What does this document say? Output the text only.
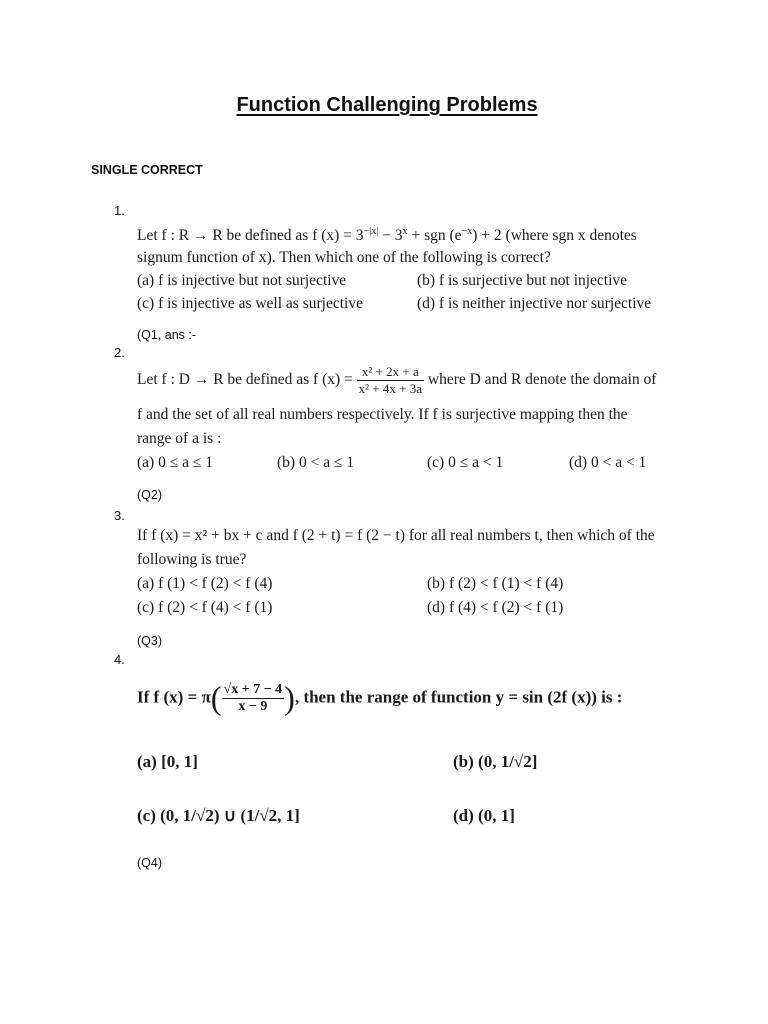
Function Challenging Problems
SINGLE CORRECT
1.
Let f : R → R be defined as f $(x) = 3^{-|x|} - 3^x$ + sgn $(e^{-x}) + 2$ (where sgn x denotes
signum function of x). Then which one of the following is correct?
(a) f is injective but not surjective	(b) f is surjective but not injective
(c) f is injective as well as surjective	(d) f is neither injective nor surjective
(Q1, ans :-
2.
Let f : D → R be defined as f $(x) = \frac{\text{x² + 2x + a}}{\text{x² + 4x + 3a}}$ where D and R denote the domain of
f and the set of all real numbers respectively. If f is surjective mapping then the
range of a is :
(a) 0 ≤ a ≤ 1	(b) 0 < a ≤ 1	(c) 0 ≤ a < 1	(d) 0 < a < 1
(Q2)
3.
If f (x) = x² + bx + c and f (2 + t) = f (2 − t) for all real numbers t, then which of the
following is true?
(a) f (1) < f (2) < f (4)	(b) f (2) < f (1) < f (4)
(c) f (2) < f (4) < f (1)	(d) f (4) < f (2) < f (1)
(Q3)
4.
If f $(x) = \pi( \frac{√x + 7 - 4}{x - 9}$ ), then the range of function y = sin (2f (x)) is :
(a) [0, 1]	(b) (0, 1/√2]
(c) (0, 1/√2) ∪ (1/√2, 1]	(d) (0, 1]
(Q4)
